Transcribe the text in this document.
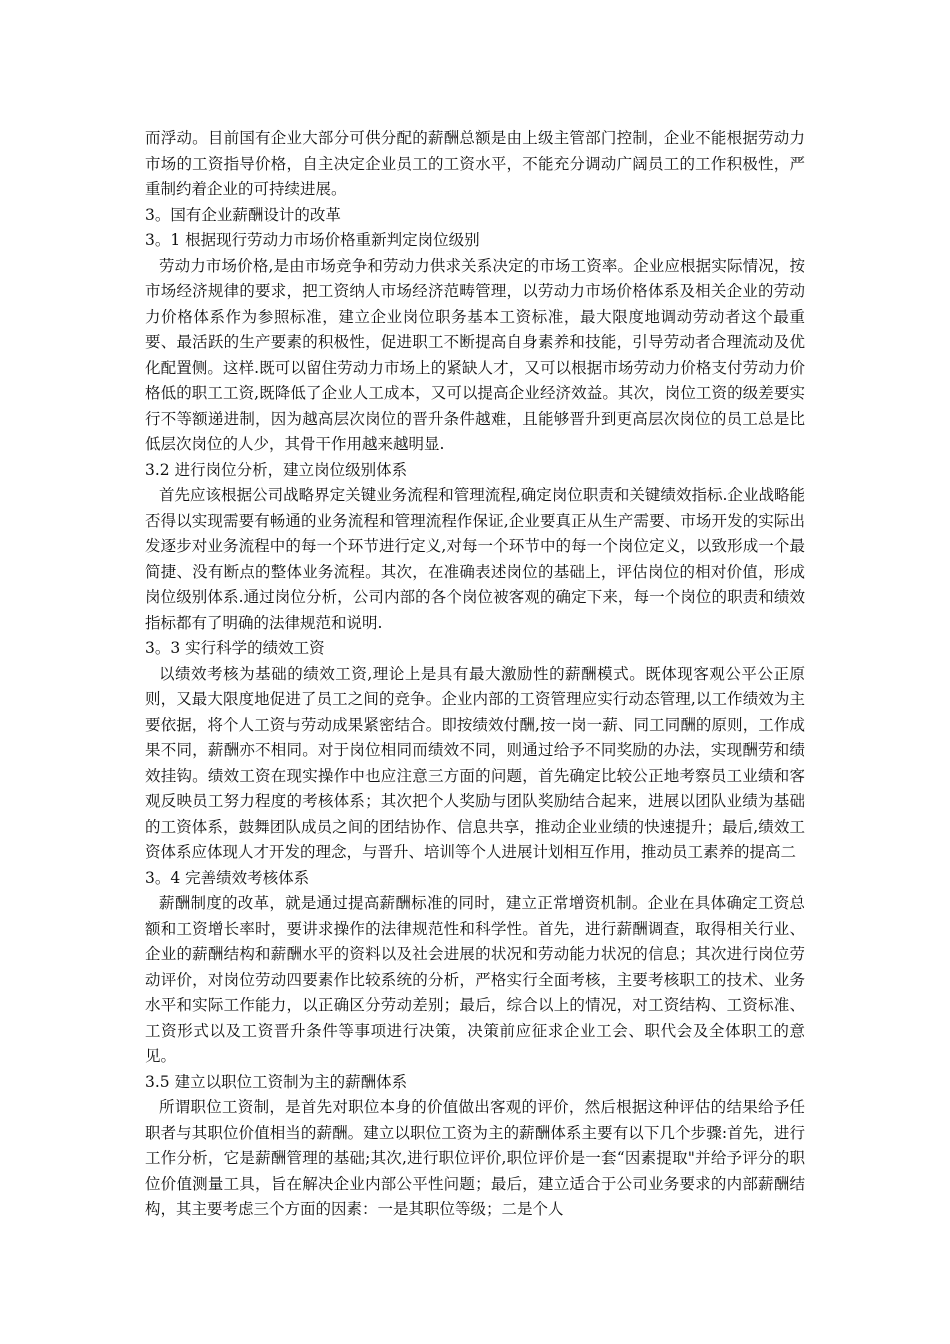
而浮动。目前国有企业大部分可供分配的薪酬总额是由上级主管部门控制，企业不能根据劳动力市场的工资指导价格，自主决定企业员工的工资水平，不能充分调动广阔员工的工作积极性，严重制约着企业的可持续进展。

3。国有企业薪酬设计的改革

3。1 根据现行劳动力市场价格重新判定岗位级别

劳动力市场价格,是由市场竞争和劳动力供求关系决定的市场工资率。企业应根据实际情况，按市场经济规律的要求，把工资纳人市场经济范畴管理，以劳动力市场价格体系及相关企业的劳动力价格体系作为参照标准，建立企业岗位职务基本工资标准，最大限度地调动劳动者这个最重要、最活跃的生产要素的积极性，促进职工不断提高自身素养和技能，引导劳动者合理流动及优化配置侧。这样.既可以留住劳动力市场上的紧缺人才，又可以根据市场劳动力价格支付劳动力价格低的职工工资,既降低了企业人工成本，又可以提高企业经济效益。其次，岗位工资的级差要实行不等额递进制，因为越高层次岗位的晋升条件越难，且能够晋升到更高层次岗位的员工总是比低层次岗位的人少，其骨干作用越来越明显.

3.2 进行岗位分析，建立岗位级别体系

首先应该根据公司战略界定关键业务流程和管理流程,确定岗位职责和关键绩效指标.企业战略能否得以实现需要有畅通的业务流程和管理流程作保证,企业要真正从生产需要、市场开发的实际出发逐步对业务流程中的每一个环节进行定义,对每一个环节中的每一个岗位定义，以致形成一个最简捷、没有断点的整体业务流程。其次，在准确表述岗位的基础上，评估岗位的相对价值，形成岗位级别体系.通过岗位分析，公司内部的各个岗位被客观的确定下来，每一个岗位的职责和绩效指标都有了明确的法律规范和说明.

3。3 实行科学的绩效工资

以绩效考核为基础的绩效工资,理论上是具有最大激励性的薪酬模式。既体现客观公平公正原则，又最大限度地促进了员工之间的竞争。企业内部的工资管理应实行动态管理,以工作绩效为主要依据，将个人工资与劳动成果紧密结合。即按绩效付酬,按一岗一薪、同工同酬的原则，工作成果不同，薪酬亦不相同。对于岗位相同而绩效不同，则通过给予不同奖励的办法，实现酬劳和绩效挂钩。绩效工资在现实操作中也应注意三方面的问题，首先确定比较公正地考察员工业绩和客观反映员工努力程度的考核体系；其次把个人奖励与团队奖励结合起来，进展以团队业绩为基础的工资体系，鼓舞团队成员之间的团结协作、信息共享，推动企业业绩的快速提升；最后,绩效工资体系应体现人才开发的理念，与晋升、培训等个人进展计划相互作用，推动员工素养的提高二

3。4 完善绩效考核体系

薪酬制度的改革，就是通过提高薪酬标准的同时，建立正常增资机制。企业在具体确定工资总额和工资增长率时，要讲求操作的法律规范性和科学性。首先，进行薪酬调查，取得相关行业、企业的薪酬结构和薪酬水平的资料以及社会进展的状况和劳动能力状况的信息；其次进行岗位劳动评价，对岗位劳动四要素作比较系统的分析，严格实行全面考核，主要考核职工的技术、业务水平和实际工作能力，以正确区分劳动差别；最后，综合以上的情况，对工资结构、工资标准、工资形式以及工资晋升条件等事项进行决策，决策前应征求企业工会、职代会及全体职工的意见。

3.5 建立以职位工资制为主的薪酬体系

所谓职位工资制，是首先对职位本身的价值做出客观的评价，然后根据这种评估的结果给予任职者与其职位价值相当的薪酬。建立以职位工资为主的薪酬体系主要有以下几个步骤:首先，进行工作分析，它是薪酬管理的基础;其次,进行职位评价,职位评价是一套“因素提取"并给予评分的职位价值测量工具，旨在解决企业内部公平性问题；最后，建立适合于公司业务要求的内部薪酬结构，其主要考虑三个方面的因素：一是其职位等级；二是个人
